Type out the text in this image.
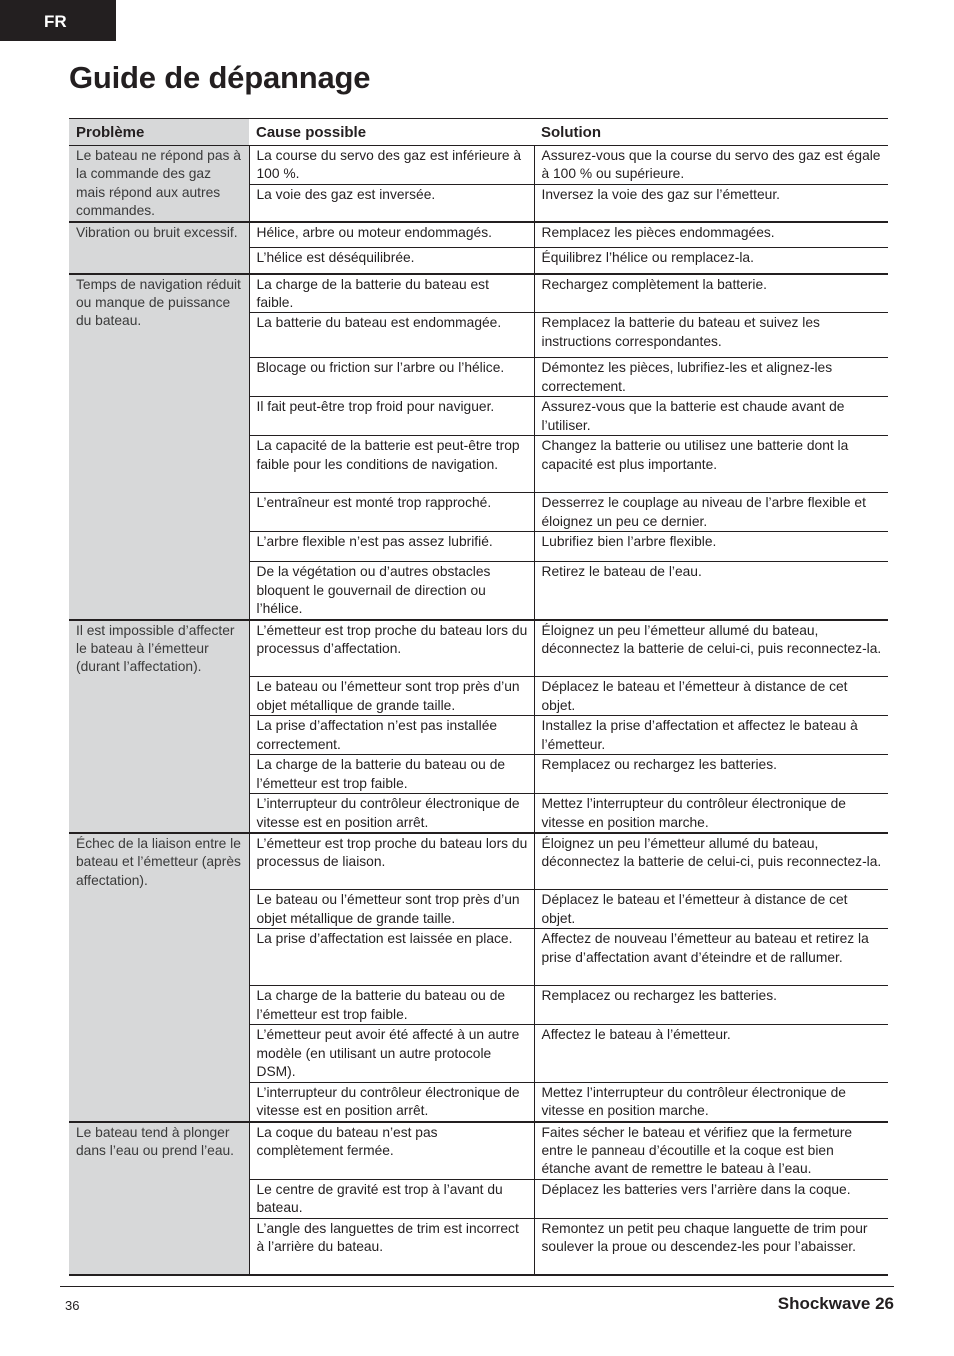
FR
Guide de dépannage
Problème	Cause possible	Solution
Le bateau ne répond pas à la commande des gaz mais répond aux autres commandes.	La course du servo des gaz est inférieure à 100 %.	Assurez-vous que la course du servo des gaz est égale à 100 % ou supérieure.
	La voie des gaz est inversée.	Inversez la voie des gaz sur l’émetteur.
Vibration ou bruit excessif.	Hélice, arbre ou moteur endommagés.	Remplacez les pièces endommagées.
	L’hélice est déséquilibrée.	Équilibrez l’hélice ou remplacez-la.
Temps de navigation réduit ou manque de puissance du bateau.	La charge de la batterie du bateau est faible.	Rechargez complètement la batterie.
	La batterie du bateau est endommagée.	Remplacez la batterie du bateau et suivez les instructions correspondantes.
	Blocage ou friction sur l’arbre ou l’hélice.	Démontez les pièces, lubrifiez-les et alignez-les correctement.
	Il fait peut-être trop froid pour naviguer.	Assurez-vous que la batterie est chaude avant de l’utiliser.
	La capacité de la batterie est peut-être trop faible pour les conditions de navigation.	Changez la batterie ou utilisez une batterie dont la capacité est plus importante.
	L’entraîneur est monté trop rapproché.	Desserrez le couplage au niveau de l’arbre flexible et éloignez un peu ce dernier.
	L’arbre flexible n’est pas assez lubrifié.	Lubrifiez bien l’arbre flexible.
	De la végétation ou d’autres obstacles bloquent le gouvernail de direction ou l’hélice.	Retirez le bateau de l’eau.
Il est impossible d’affecter le bateau à l’émetteur (durant l’affectation).	L’émetteur est trop proche du bateau lors du processus d’affectation.	Éloignez un peu l’émetteur allumé du bateau, déconnectez la batterie de celui-ci, puis reconnectez-la.
	Le bateau ou l’émetteur sont trop près d’un objet métallique de grande taille.	Déplacez le bateau et l’émetteur à distance de cet objet.
	La prise d’affectation n’est pas installée correctement.	Installez la prise d’affectation et affectez le bateau à l’émetteur.
	La charge de la batterie du bateau ou de l’émetteur est trop faible.	Remplacez ou rechargez les batteries.
	L’interrupteur du contrôleur électronique de vitesse est en position arrêt.	Mettez l’interrupteur du contrôleur électronique de vitesse en position marche.
Échec de la liaison entre le bateau et l’émetteur (après affectation).	L’émetteur est trop proche du bateau lors du processus de liaison.	Éloignez un peu l’émetteur allumé du bateau, déconnectez la batterie de celui-ci, puis reconnectez-la.
	Le bateau ou l’émetteur sont trop près d’un objet métallique de grande taille.	Déplacez le bateau et l’émetteur à distance de cet objet.
	La prise d’affectation est laissée en place.	Affectez de nouveau l’émetteur au bateau et retirez la prise d’affectation avant d’éteindre et de rallumer.
	La charge de la batterie du bateau ou de l’émetteur est trop faible.	Remplacez ou rechargez les batteries.
	L’émetteur peut avoir été affecté à un autre modèle (en utilisant un autre protocole DSM).	Affectez le bateau à l’émetteur.
	L’interrupteur du contrôleur électronique de vitesse est en position arrêt.	Mettez l’interrupteur du contrôleur électronique de vitesse en position marche.
Le bateau tend à plonger dans l’eau ou prend l’eau.	La coque du bateau n’est pas complètement fermée.	Faites sécher le bateau et vérifiez que la fermeture entre le panneau d’écoutille et la coque est bien étanche avant de remettre le bateau à l’eau.
	Le centre de gravité est trop à l’avant du bateau.	Déplacez les batteries vers l’arrière dans la coque.
	L’angle des languettes de trim est incorrect à l’arrière du bateau.	Remontez un petit peu chaque languette de trim pour soulever la proue ou descendez-les pour l’abaisser.
36	Shockwave 26
